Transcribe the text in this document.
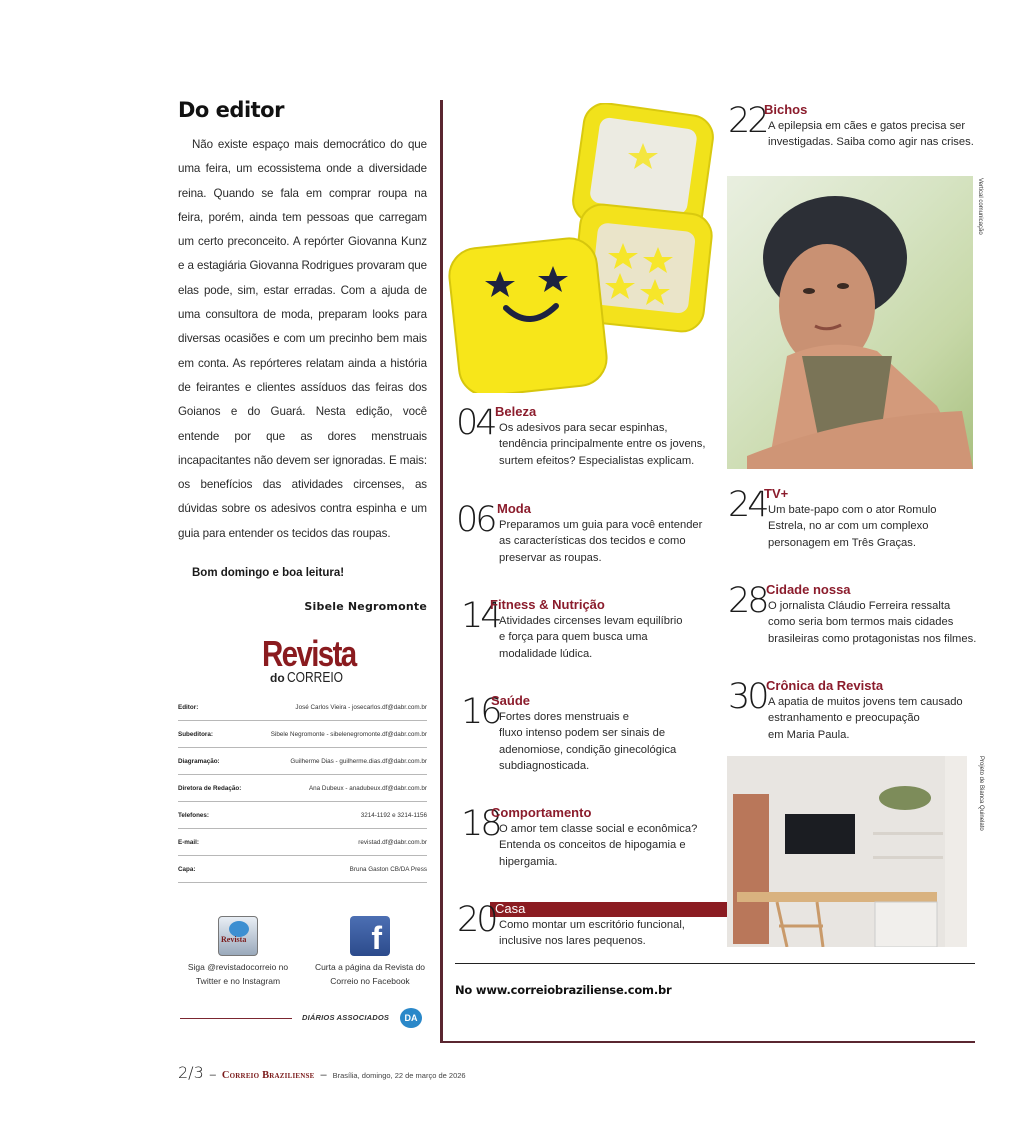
Do editor

Não existe espaço mais democrático do que uma feira, um ecossistema onde a diversidade reina. Quando se fala em comprar roupa na feira, porém, ainda tem pessoas que carregam um certo preconceito. A repórter Giovanna Kunz e a estagiária Giovanna Rodrigues provaram que elas pode, sim, estar erradas. Com a ajuda de uma consultora de moda, preparam looks para diversas ocasiões e com um precinho bem mais em conta. As repórteres relatam ainda a história de feirantes e clientes assíduos das feiras dos Goianos e do Guará. Nesta edição, você entende por que as dores menstruais incapacitantes não devem ser ignoradas. E mais: os benefícios das atividades circenses, as dúvidas sobre os adesivos contra espinha e um guia para entender os tecidos das roupas.

Bom domingo e boa leitura!
Sibele Negromonte
Revista
do CORREIO
Editor:	José Carlos Vieira - josecarlos.df@dabr.com.br
Subeditora:	Sibele Negromonte - sibelenegromonte.df@dabr.com.br
Diagramação:	Guilherme Dias - guilherme.dias.df@dabr.com.br
Diretora de Redação:	Ana Dubeux - anadubeux.df@dabr.com.br
Telefones:	3214-1192 e 3214-1156
E-mail:	revistad.df@dabr.com.br
Capa:	Bruna Gaston CB/DA Press
Revista
Siga @revistadocorreio no Twitter e no Instagram
f
Curta a página da Revista do Correio no Facebook
DIÁRIOS ASSOCIADOS	DA
2/3 – Correio Braziliense – Brasília, domingo, 22 de março de 2026
Vertical comunicação
Projeto de Bianca Quinelato
04 Beleza
Os adesivos para secar espinhas,
tendência principalmente entre os jovens,
surtem efeitos? Especialistas explicam.
06 Moda
Preparamos um guia para você entender
as características dos tecidos e como
preservar as roupas.
14
Fitness & Nutrição
Atividades circenses levam equilíbrio
e força para quem busca uma
modalidade lúdica.
16
Saúde
Fortes dores menstruais e
fluxo intenso podem ser sinais de
adenomiose, condição ginecológica
subdiagnosticada.
18
Comportamento
O amor tem classe social e econômica?
Entenda os conceitos de hipogamia e
hipergamia.
20 Casa
Como montar um escritório funcional,
inclusive nos lares pequenos.
22
Bichos
A epilepsia em cães e gatos precisa ser
investigadas. Saiba como agir nas crises.
24
TV+
Um bate-papo com o ator Romulo
Estrela, no ar com um complexo
personagem em Três Graças.
28 Cidade nossa
O jornalista Cláudio Ferreira ressalta
como seria bom termos mais cidades
brasileiras como protagonistas nos filmes.
30 Crônica da Revista
A apatia de muitos jovens tem causado
estranhamento e preocupação
em Maria Paula.
No www.correiobraziliense.com.br
